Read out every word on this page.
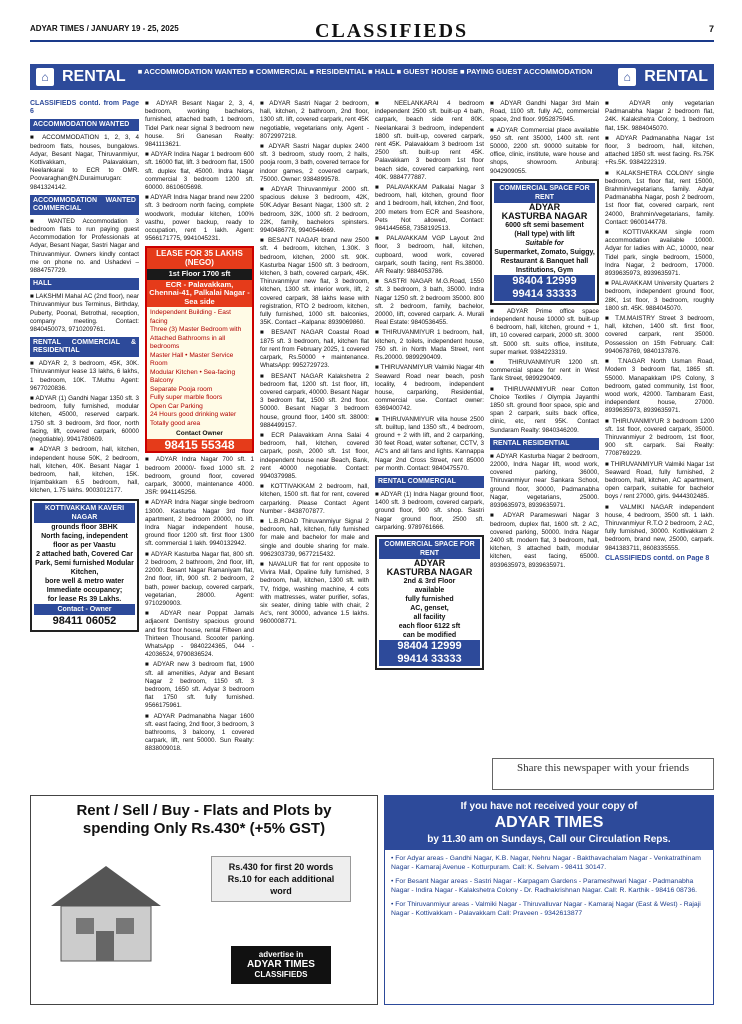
ADYAR TIMES / JANUARY 19 - 25, 2025	CLASSIFIEDS	7
⌂ RENTAL	■ ACCOMMODATION WANTED ■ COMMERCIAL ■ RESIDENTIAL ■ HALL ■ GUEST HOUSE ■ PAYING GUEST ACCOMMODATION	⌂ RENTAL
CLASSIFIEDS contd. from Page 6
ACCOMMODATION WANTED
■ ACCOMMODATION 1, 2, 3, 4 bedroom flats, houses, bungalows. Adyar, Besant Nagar, Thiruvanmiyur, Kottivakkam, Palavakkam, Neelankarai to ECR to OMR. Poovaraghan@N.Duraimurugan: 9841324142.
ACCOMMODATION WANTED COMMERCIAL
■ WANTED Accommodation 3 bedroom flats to run paying guest Accommodation for Professionals at Adyar, Besant Nagar, Sastri Nagar and Thiruvanmiyur. Owners kindly contact me on phone no. and Ushadevi – 9884757729.
HALL
■ LAKSHMI Mahal AC (2nd floor), near Thiruvanmiyur bus Terminus, Birthday, Puberty, Poonal, Betrothal, reception, company meeting. Contact: 9840450073, 9710209761.
RENTAL COMMERCIAL & RESIDENTIAL
■ ADYAR 2, 3 bedroom, 45K, 30K. Thiruvanmiyur lease 13 lakhs, 6 lakhs, 1 bedroom, 10K. T.Muthu Agent: 9677020836.
■ ADYAR (1) Gandhi Nagar 1350 sft. 3 bedroom, fully furnished, modular kitchen, 45000, reserved carpark. 1750 sft. 3 bedroom, 3rd floor, north facing, lift, covered carpark, 60000 (negotiable). 9941780609.
■ ADYAR 3 bedroom, hall, kitchen, independent house 50K, 2 bedroom, hall, kitchen, 40K. Besant Nagar 1 bedroom, hall, kitchen, 15K. Injambakkam 6.5 bedroom, hall, kitchen, 1.75 lakhs. 9003012177.
KOTTIVAKKAM KAVERI NAGAR
grounds floor 3BHK
North facing, independent floor as per Vaastu
2 attached bath, Covered Car Park, Semi furnished Modular Kitchen,
bore well & metro water
Immediate occupancy;
for lease Rs 39 Lakhs.
Contact - Owner
98411 06052
■ ADYAR Besant Nagar 2, 3, 4, bedroom, working bachelors, furnished, attached bath, 1 bedroom, Tidel Park near signal 3 bedroom new house. Sri Ganesan Realty: 9841113621.
■ ADYAR Indira Nagar 1 bedroom 600 sft. 16000 flat, lift. 3 bedroom flat, 1500 sft. duplex flat, 45000. Indra Nagar commercial 3 bedroom 1200 sft. 60000. 8610605698.
■ ADYAR Indra Nagar brand new 2200 sft. 3 bedroom north facing, complete woodwork, modular kitchen, 100% vasthu, power backup, ready to occupation, rent 1 lakh. Agent: 9566171775, 9941045231.
LEASE FOR 35 LAKHS (NEGO)
1st Floor 1700 sft
ECR - Palavakkam, Chennai-41, Palkalai Nagar - Sea side
Independent Building - East facing
Three (3) Master Bedroom with Attached Bathrooms in all bedrooms
Master Hall • Master Service Room
Modular Kitchen • Sea-facing Balcony
Separate Pooja room
Fully super marble floors
Open Car Parking
24 Hours good drinking water
Totally good area
Contact Owner
98415 55348
■ ADYAR Indra Nagar 700 sft. 1 bedroom 20000/- fixed 1000 sft. 2 bedroom, ground floor, covered carpark, 30000, maintenance 4000. JSR: 9941145256.
■ ADYAR Indra Nagar single bedroom 13000. Kasturba Nagar 3rd floor apartment, 2 bedroom 20000, no lift. Indra Nagar independent house, ground floor 1200 sft. first floor 1300 sft. commercial 1 lakh. 9940132942.
■ ADYAR Kasturba Nagar flat, 800 sft. 2 bedroom, 2 bathroom, 2nd floor, lift, 22000. Besant Nagar Ramaniyam flat, 2nd floor, lift, 900 sft. 2 bedroom, 2 bath, power backup, covered carpark, vegetarian, 28000. Agent: 9710290903.
■ ADYAR near Poppat Jamals adjacent Dentistry spacious ground and first floor house, rental Fifteen and Thirteen Thousand. Scooter parking. WhatsApp - 9840224365, 044 - 42036524, 9790836524.
■ ADYAR new 3 bedroom flat, 1900 sft. all amenities, Adyar and Besant Nagar 2 bedroom, 1150 sft. 3 bedroom, 1650 sft. Adyar 3 bedroom flat 1750 sft. fully furnished. 9566175961.
■ ADYAR Padmanabha Nagar 1600 sft. east facing, 2nd floor, 3 bedroom, 3 bathrooms, 3 balcony, 1 covered carpark, lift, rent 50000. Sun Realty: 8838009018.
■ ADYAR Sastri Nagar 2 bedroom, hall, kitchen, 2 bathroom, 2nd floor, 1300 sft. lift, covered carpark, rent 45K negotiable, vegetarians only. Agent - 8072997218.
■ ADYAR Sastri Nagar duplex 2400 sft. 3 bedroom, study room, 2 halls, pooja room, 3 bath, covered terrace for indoor games, 2 covered carpark, 75000. Owner: 9384899578.
■ ADYAR Thiruvanmiyur 2000 sft. spacious deluxe 3 bedroom, 42K, 50K.Adyar Besant Nagar, 1300 sft. 2 bedroom, 32K, 1000 sft. 2 bedroom, 22K, family, bachelors spinsters. 9940486778, 9940544669.
■ BESANT NAGAR brand new 2500 sft. 4 bedroom, kitchen, 1.30K. 3 bedroom, kitchen, 2000 sft. 90K. Kasturba Nagar 1500 sft. 3 bedroom, kitchen, 3 bath, covered carpark, 45K. Thiruvanmiyur new flat, 3 bedroom, kitchen, 1300 sft. interior work, lift, 2 covered carpark, 38 lakhs lease with registration, RTO 2 bedroom, kitchen, fully furnished, 1000 sft. balconies, 35K. Contact –Kalpana: 8939069860.
■ BESANT NAGAR Coastal Road 1875 sft. 3 bedroom, hall, kitchen flat for rent from February 2025, 1 covered carpark, Rs.50000 + maintenance. WhatsApp: 9952729723.
■ BESANT NAGAR Kalakshetra 2 bedroom flat, 1200 sft. 1st floor, lift, covered carpark, 40000. Besant Nagar 3 bedroom flat, 1500 sft. 2nd floor. 50000. Besant Nagar 3 bedroom house, ground floor, 1400 sft. 38000: 9884499157.
■ ECR Palavakkam Anna Salai 4 bedroom, hall, kitchen, covered carpark, posh, 2000 sft. 1st floor, independent house near Beach, Bank, rent 40000 negotiable. Contact: 9940379985.
■ KOTTIVAKKAM 2 bedroom, hall, kitchen, 1500 sft. flat for rent, covered carparking. Please Contact Agent Number - 8438707877.
■ L.B.ROAD Thiruvanmiyur Signal 2 bedroom, hall, kitchen, fully furnished for male and bachelor for male and single and double sharing for male. 9962303739, 9677215432.
■ NAVALUR flat for rent opposite to Vivira Mall, Opaline fully furnished, 3 bedroom, hall, kitchen, 1300 sft. with TV, fridge, washing machine, 4 cots with mattresses, water purifier, sofas, six seater, dining table with chair, 2 Ac's, rent 30000, advance 1.5 lakhs. 9600008771.
■ NEELANKARAI 4 bedroom independent 2500 sft. built-up 4 bath, carpark, beach side rent 80K. Neelankarai 3 bedroom, independent 1800 sft. built-up, covered carpark, rent 45K. Palavakkam 3 bedroom 1st 2500 sft. built-up rent 45K. Palavakkam 3 bedroom 1st floor beach side, covered carparking, rent 40K. 9884777887.
■ PALAVAKKAM Palkalai Nagar 3 bedroom, hall, kitchen, ground floor and 1 bedroom, hall, kitchen, 2nd floor, 200 meters from ECR and Seashore, Pets Not allowed, Contact: 9841445658, 7358192513.
■ PALAVAKKAM VGP Layout 2nd floor, 3 bedroom, hall, kitchen, cupboard, wood work, covered carpark, south facing, rent Rs.38000. AR Realty: 9884053786.
■ SASTRI NAGAR M.G.Road, 1550 sft. 3 bedroom, 3 bath, 35000. Indra Nagar 1250 sft. 2 bedroom 35000. 800 sft. 2 bedroom, family, bachelor, 20000, lift, covered carpark. A. Murali Real Estate: 9840536455.
■ THIRUVANMIYUR 1 bedroom, hall, kitchen, 2 toilets, independent house, 750 sft. in North Mada Street, rent Rs.20000. 9899290409.
■ THIRUVANMIYUR Valmiki Nagar 4th Seaward Road near beach, posh locality, 4 bedroom, independent house, carparking, Residential, commercial use. Contact owner: 6369400742.
■ THIRUVANMIYUR villa house 2500 sft. builtup, land 1350 sft., 4 bedroom, ground + 2 with lift, and 2 carparking, 30 feet Road, water softener, CCTV, 3 AC's and all fans and lights. Kannappa Nagar 2nd Cross Street, rent 85000 per month. Contact: 9840475570.
RENTAL COMMERCIAL
■ ADYAR (1) Indra Nagar ground floor, 1400 sft. 3 bedroom, covered carpark, ground floor, 900 sft. shop. Sastri Nagar ground floor, 2500 sft. carparking. 9789761666.
COMMERCIAL SPACE FOR RENT
ADYAR
KASTURBA NAGAR
2nd & 3rd Floor
available
fully furnished
AC, genset,
all facility
each floor 6122 sft
can be modified
98404 12999
99414 33333
■ ADYAR Gandhi Nagar 3rd Main Road, 1100 sft. fully AC, commercial space, 2nd floor. 9952875945.
■ ADYAR Commercial place available 950 sft. rent 35000, 1400 sft. rent 50000, 2200 sft. 90000 suitable for office, clinic, institute, ware house and shops, showroom. Anburaj: 9042909055.
COMMERCIAL SPACE FOR RENT
ADYAR
KASTURBA NAGAR
6000 sft semi basement
(Hall type) with lift
Suitable for
Supermarket, Zomato, Suiggy, Restaurant & Banquet hall Institutions, Gym
98404 12999
99414 33333
■ ADYAR Prime office space independent house 10000 sft. built-up 6 bedroom, hall, kitchen, ground + 1, lift, 10 covered carpark, 2000 sft. 3000 sft. 5000 sft. suits office, institute, super market. 9384223319.
■ THIRUVANMIYUR 1200 sft. commercial space for rent in West Tank Street, 9899290409.
■ THIRUVANMIYUR near Cotton Choice Textiles / Olympia Jayanthi 1850 sft. ground floor space, spic and span 2 carpark, suits back office, clinic, etc, rent 95K. Contact Sundaram Realty: 9840346209.
RENTAL RESIDENTIAL
■ ADYAR Kasturba Nagar 2 bedroom, 22000, Indra Nagar lift, wood work, covered parking, 36000, Thiruvanmiyur near Sankara School, ground floor, 30000, Padmanabha Nagar, vegetarians, 25000. 8939635973, 8939635971.
■ ADYAR Parameswari Nagar 3 bedroom, duplex flat, 1600 sft. 2 AC, covered parking, 50000. Indra Nagar 2400 sft. modern flat, 3 bedroom, hall, kitchen, 3 attached bath, modular kitchen, east facing, 65000. 8939635973, 8939635971.
■ ADYAR only vegetarian Padmanabha Nagar 2 bedroom flat, 24K. Kalakshetra Colony, 1 bedroom flat, 15K. 9884045070.
■ ADYAR Padmanabha Nagar 1st floor, 3 bedroom, hall, kitchen, attached 1850 sft. west facing. Rs.75K +Rs.5K. 9384222319.
■ KALAKSHETRA COLONY single bedroom, 1st floor flat, rent 15000, Brahmin/vegetarians, family. Adyar Padmanabha Nagar, posh 2 bedroom, 1st floor flat, covered carpark, rent 24000, Brahmin/vegetarians, family. Contact: 9600144778.
■ KOTTIVAKKAM single room accommodation available 10000. Adyar for ladies with AC, 10000, near Tidel park, single bedroom, 15000, Indra Nagar, 2 bedroom, 17000. 8939635973, 8939635971.
■ PALAVAKKAM University Quarters 2 bedroom, independent ground floor, 28K, 1st floor, 3 bedroom, roughly 1800 sft. 45K. 9884045070.
■ T.M.MAISTRY Street 3 bedroom, hall, kitchen, 1400 sft. first floor, covered carpark, rent 35000. Possession on 15th February. Call: 9940678769, 9840137876.
■ T.NAGAR North Usman Road, Modern 3 bedroom flat, 1865 sft. 55000. Manapakkam IPS Colony, 3 bedroom, gated community, 1st floor, wood work, 42000. Tambaram East, independent house, 27000. 8939635973, 8939635971.
■ THIRUVANMIYUR 3 bedroom 1200 sft. 1st floor, covered carpark, 35000. Thiruvanmiyur 2 bedroom, 1st floor, 900 sft. carpark. Sai Realty: 7708769229.
■ THIRUVANMIYUR Valmiki Nagar 1st Seaward Road, fully furnished, 2 bedroom, hall, kitchen, AC apartment, open carpark, suitable for bachelor boys / rent 27000, girls. 9444302485.
■ VALMIKI NAGAR independent house, 4 bedroom, 3500 sft. 1 lakh. Thiruvanmiyur R.T.O 2 bedroom, 2 AC, fully furnished, 30000. Kottivakkam 2 bedroom, brand new, 25000, carpark. 9841383711, 8608335555.
CLASSIFIEDS contd. on Page 8
Share this newspaper with your friends
Rent / Sell / Buy - Flats and Plots by
spending Only Rs.430* (+5% GST)
Rs.430 for first 20 words
Rs.10 for each additional word
advertise in
ADYAR TIMES
CLASSIFIEDS
If you have not received your copy of
ADYAR TIMES
by 11.30 am on Sundays, Call our Circulation Reps.
• For Adyar areas - Gandhi Nagar, K.B. Nagar, Nehru Nagar - Bakthavachalam Nagar - Venkatrathinam Nagar - Kamaraj Avenue - Kotturpuram. Call: K. Selvam - 98411 30147.
• For Besant Nagar areas - Sastri Nagar - Karpagam Gardens - Parameshwari Nagar - Padmanabha Nagar - Indira Nagar - Kalakshetra Colony - Dr. Radhakrishnan Nagar. Call: R. Karthik - 98416 08736.
• For Thiruvanmiyur areas - Valmiki Nagar - Thiruvalluvar Nagar - Kamaraj Nagar (East & West) - Rajaji Nagar - Kottivakkam - Palavakkam Call: Praveen - 9342613877
